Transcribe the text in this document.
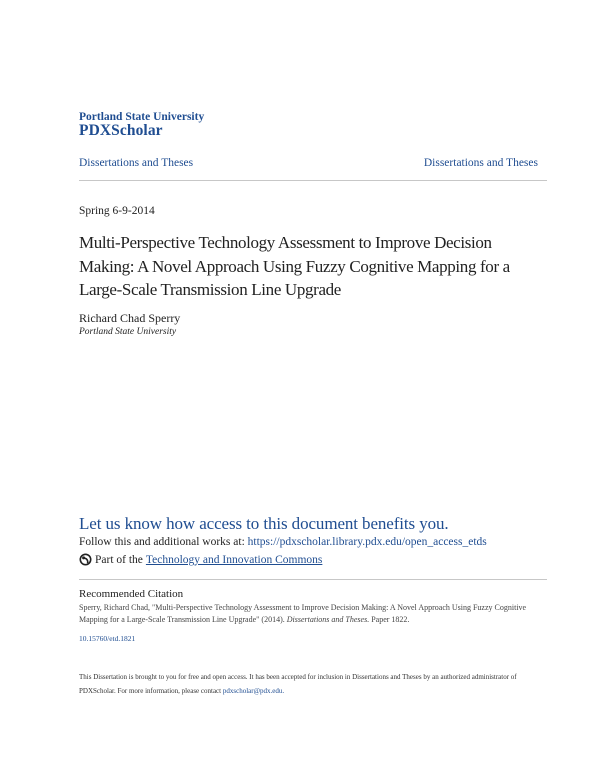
Portland State University
PDXScholar
Dissertations and Theses	Dissertations and Theses
Spring 6-9-2014
Multi-Perspective Technology Assessment to Improve Decision Making: A Novel Approach Using Fuzzy Cognitive Mapping for a Large-Scale Transmission Line Upgrade
Richard Chad Sperry
Portland State University
Let us know how access to this document benefits you.
Follow this and additional works at: https://pdxscholar.library.pdx.edu/open_access_etds
Part of the Technology and Innovation Commons
Recommended Citation

Sperry, Richard Chad, "Multi-Perspective Technology Assessment to Improve Decision Making: A Novel Approach Using Fuzzy Cognitive Mapping for a Large-Scale Transmission Line Upgrade" (2014). Dissertations and Theses. Paper 1822.

10.15760/etd.1821

This Dissertation is brought to you for free and open access. It has been accepted for inclusion in Dissertations and Theses by an authorized administrator of PDXScholar. For more information, please contact pdxscholar@pdx.edu.
